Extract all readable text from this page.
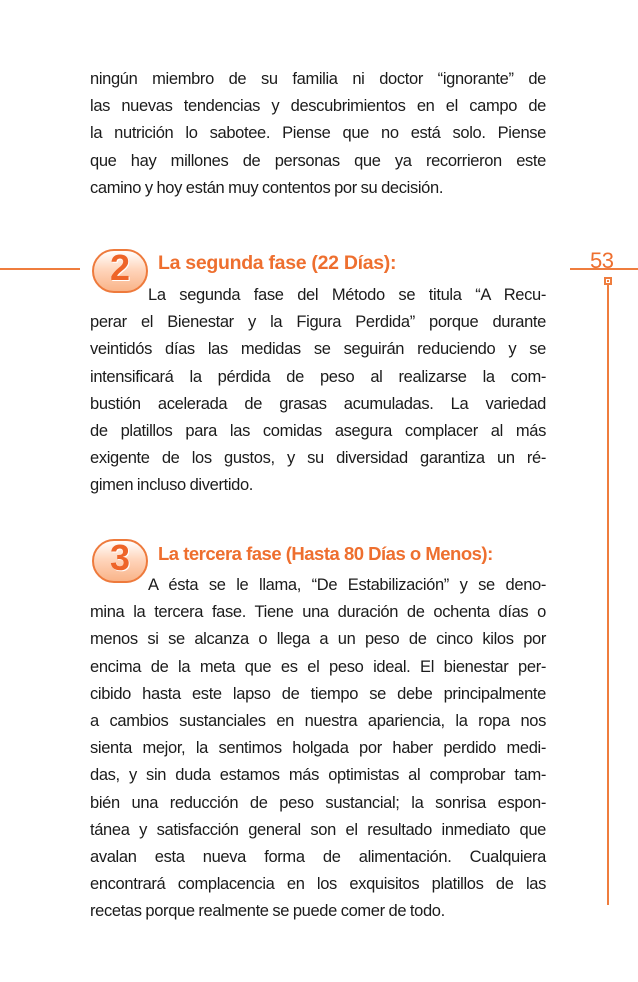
53
ningún miembro de su familia ni doctor “ignorante” de
las nuevas tendencias y descubrimientos en el campo de
la nutrición lo sabotee. Piense que no está solo. Piense
que hay millones de personas que ya recorrieron este
camino y hoy están muy contentos por su decisión.
2	La segunda fase (22 Días):
La segunda fase del Método se titula “A Recu-
perar el Bienestar y la Figura Perdida” porque durante
veintidós días las medidas se seguirán reduciendo y se
intensificará la pérdida de peso al realizarse la com-
bustión acelerada de grasas acumuladas. La variedad
de platillos para las comidas asegura complacer al más
exigente de los gustos, y su diversidad garantiza un ré-
gimen incluso divertido.
3	La tercera fase (Hasta 80 Días o Menos):
A ésta se le llama, “De Estabilización” y se deno-
mina la tercera fase. Tiene una duración de ochenta días o
menos si se alcanza o llega a un peso de cinco kilos por
encima de la meta que es el peso ideal. El bienestar per-
cibido hasta este lapso de tiempo se debe principalmente
a cambios sustanciales en nuestra apariencia, la ropa nos
sienta mejor, la sentimos holgada por haber perdido medi-
das, y sin duda estamos más optimistas al comprobar tam-
bién una reducción de peso sustancial; la sonrisa espon-
tánea y satisfacción general son el resultado inmediato que
avalan esta nueva forma de alimentación. Cualquiera
encontrará complacencia en los exquisitos platillos de las
recetas porque realmente se puede comer de todo.
